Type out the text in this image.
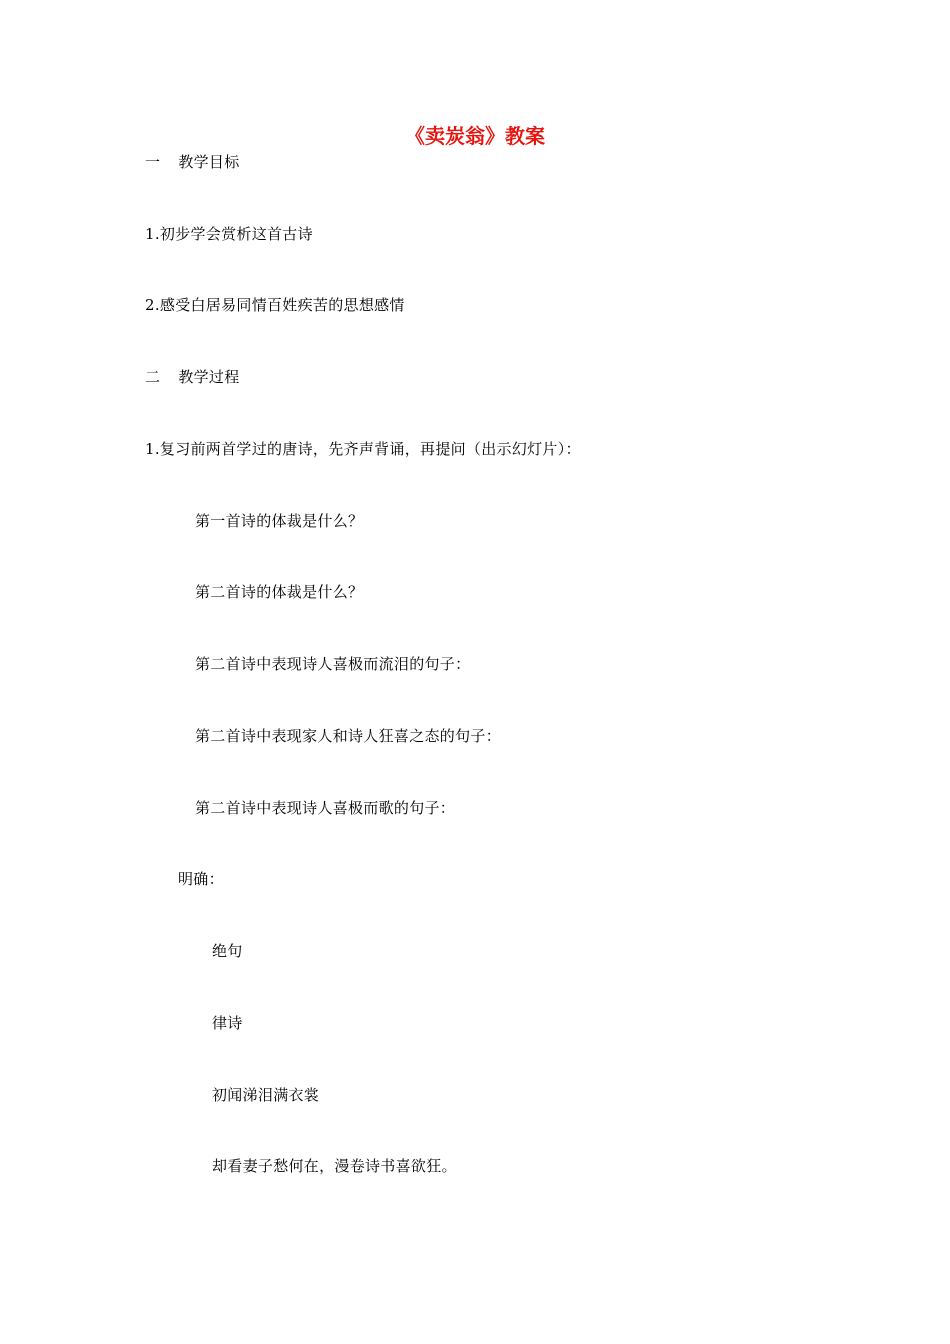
《卖炭翁》教案
一 教学目标
1.初步学会赏析这首古诗
2.感受白居易同情百姓疾苦的思想感情
二 教学过程
1.复习前两首学过的唐诗，先齐声背诵，再提问（出示幻灯片）：
第一首诗的体裁是什么？
第二首诗的体裁是什么？
第二首诗中表现诗人喜极而流泪的句子：
第二首诗中表现家人和诗人狂喜之态的句子：
第二首诗中表现诗人喜极而歌的句子：
明确：
绝句
律诗
初闻涕泪满衣裳
却看妻子愁何在，漫卷诗书喜欲狂。
